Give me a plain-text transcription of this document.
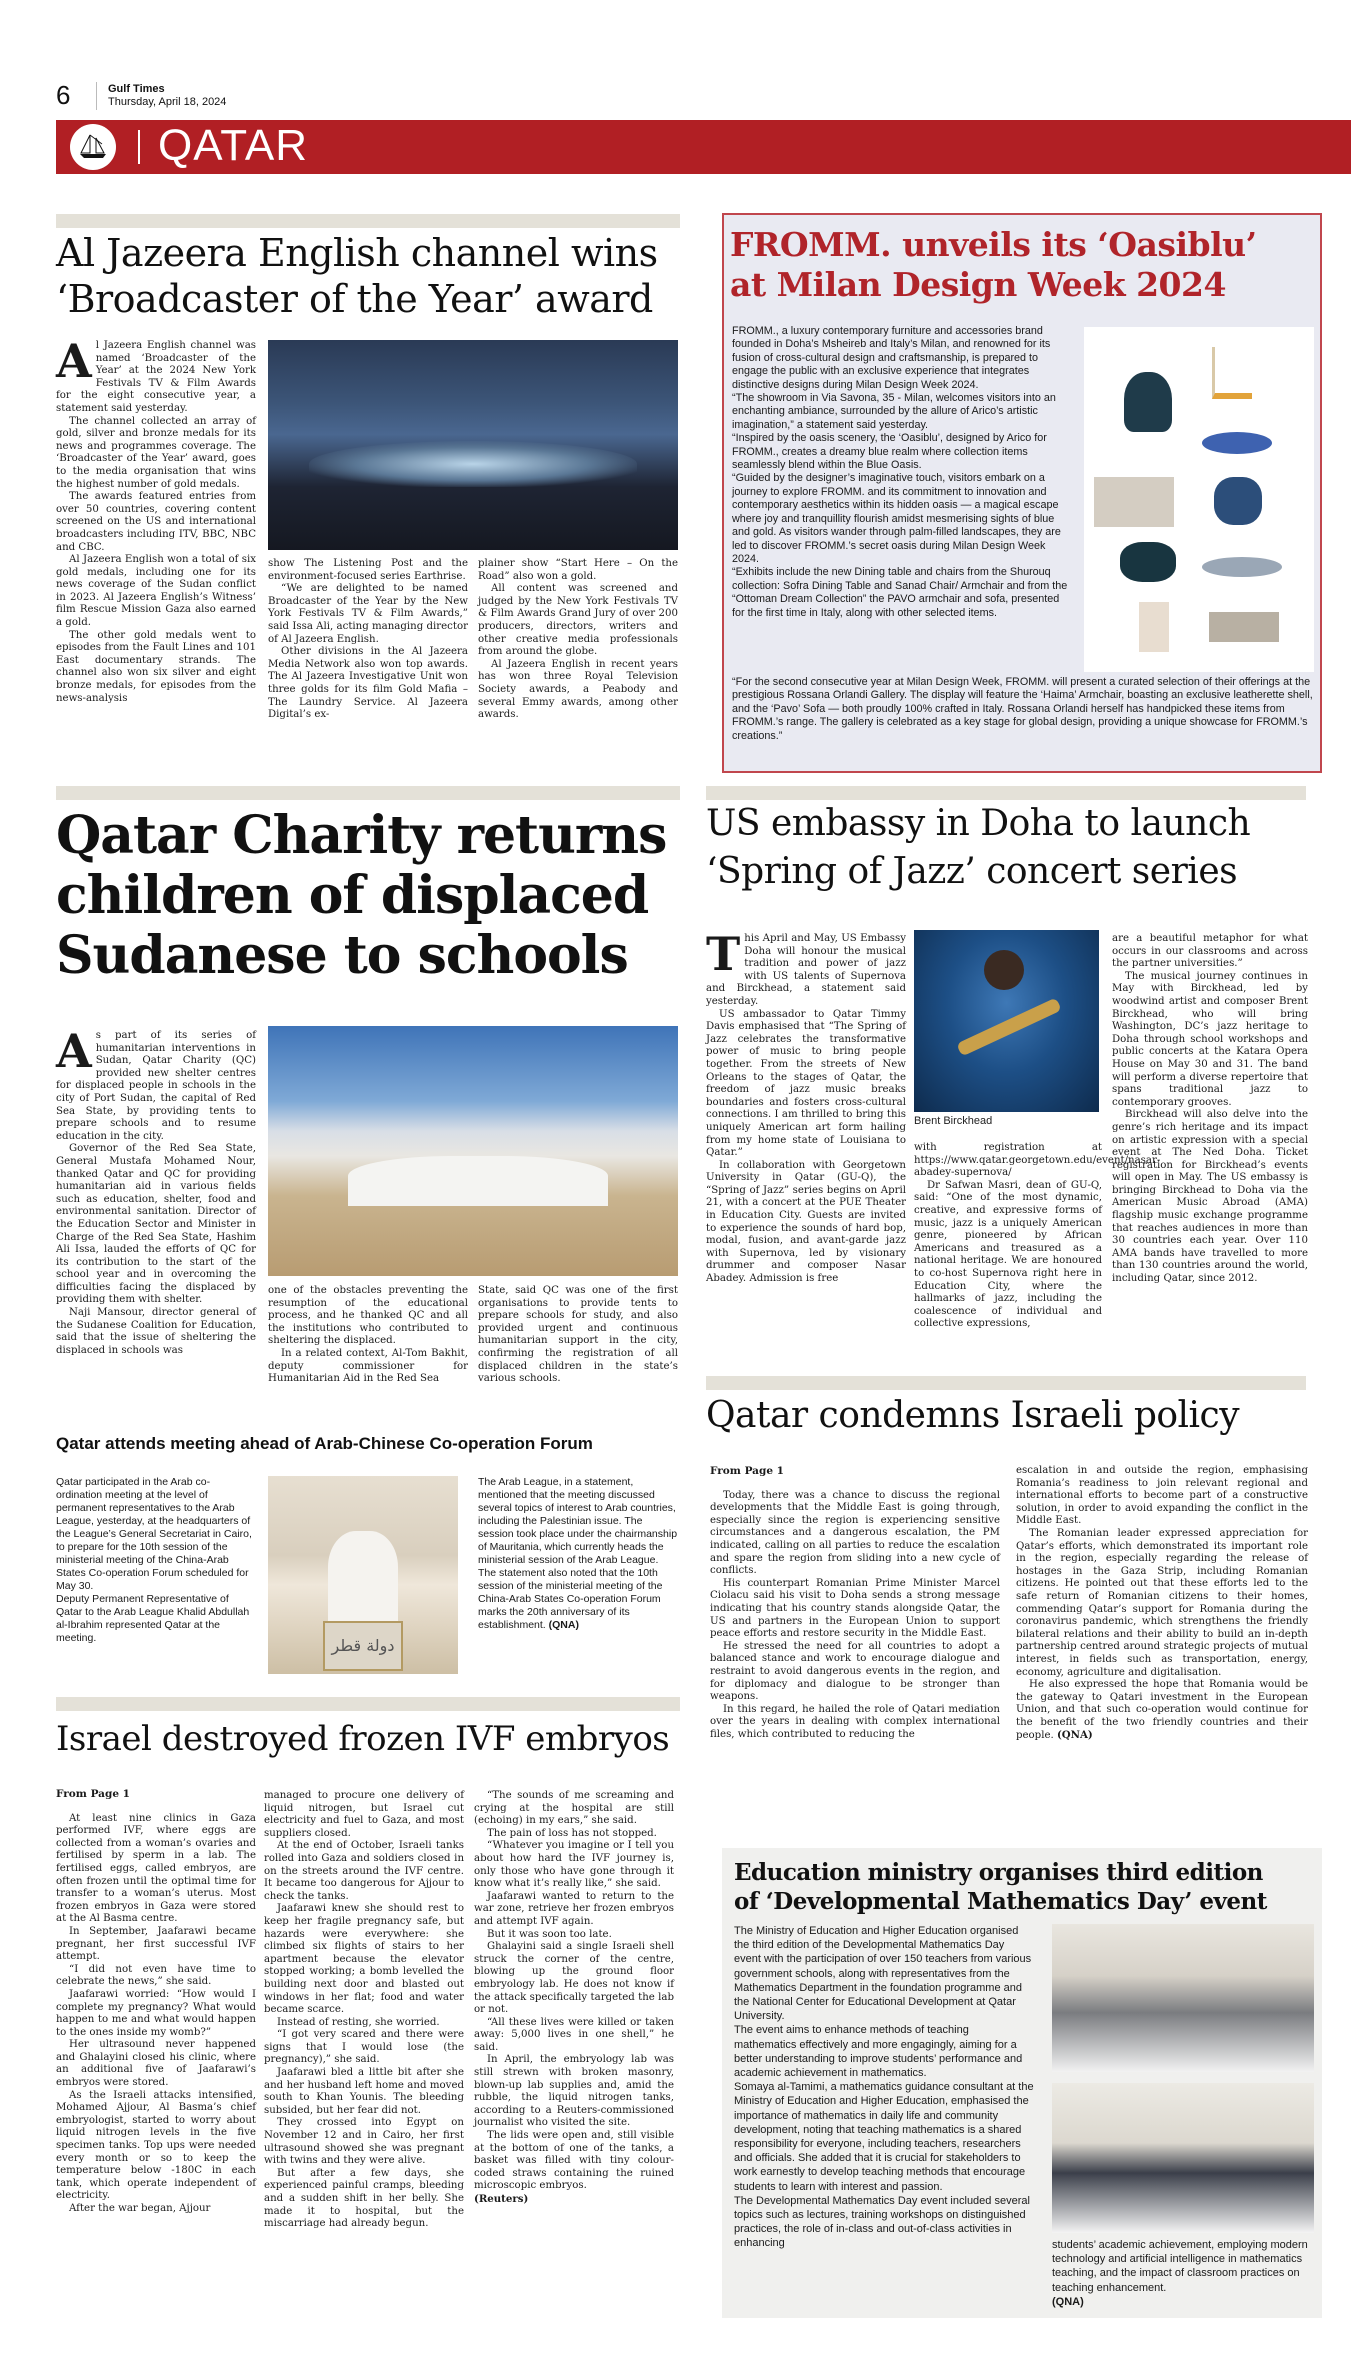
6	Gulf Times
Thursday, April 18, 2024
QATAR
Al Jazeera English channel wins
‘Broadcaster of the Year’ award

Al Jazeera English channel was named ‘Broadcaster of the Year’ at the 2024 New York Festivals TV & Film Awards for the eight consecutive year, a statement said yesterday.

The channel collected an array of gold, silver and bronze medals for its news and programmes coverage. The ‘Broadcaster of the Year’ award, goes to the media organisation that wins the highest number of gold medals.

The awards featured entries from over 50 countries, covering content screened on the US and international broadcasters including ITV, BBC, NBC and CBC.

Al Jazeera English won a total of six gold medals, including one for its news coverage of the Sudan conflict in 2023. Al Jazeera English’s Witness’ film Rescue Mission Gaza also earned a gold.

The other gold medals went to episodes from the Fault Lines and 101 East documentary strands. The channel also won six silver and eight bronze medals, for episodes from the news-analysis

show The Listening Post and the environment-focused series Earthrise.

“We are delighted to be named Broadcaster of the Year by the New York Festivals TV & Film Awards,” said Issa Ali, acting managing director of Al Jazeera English.

Other divisions in the Al Jazeera Media Network also won top awards. The Al Jazeera Investigative Unit won three golds for its film Gold Mafia – The Laundry Service. Al Jazeera Digital’s ex-

plainer show “Start Here – On the Road” also won a gold.

All content was screened and judged by the New York Festivals TV & Film Awards Grand Jury of over 200 producers, directors, writers and other creative media professionals from around the globe.

Al Jazeera English in recent years has won three Royal Television Society awards, a Peabody and several Emmy awards, among other awards.

FROMM. unveils its ‘Oasiblu’
at Milan Design Week 2024

FROMM., a luxury contemporary furniture and accessories brand founded in Doha’s Msheireb and Italy’s Milan, and renowned for its fusion of cross-cultural design and craftsmanship, is prepared to engage the public with an exclusive experience that integrates distinctive designs during Milan Design Week 2024.

“The showroom in Via Savona, 35 - Milan, welcomes visitors into an enchanting ambiance, surrounded by the allure of Arico’s artistic imagination,” a statement said yesterday.

“Inspired by the oasis scenery, the ‘Oasiblu’, designed by Arico for FROMM., creates a dreamy blue realm where collection items seamlessly blend within the Blue Oasis.

“Guided by the designer’s imaginative touch, visitors embark on a journey to explore FROMM. and its commitment to innovation and contemporary aesthetics within its hidden oasis — a magical escape where joy and tranquillity flourish amidst mesmerising sights of blue and gold. As visitors wander through palm-filled landscapes, they are led to discover FROMM.’s secret oasis during Milan Design Week 2024.

“Exhibits include the new Dining table and chairs from the Shurouq collection: Sofra Dining Table and Sanad Chair/ Armchair and from the “Ottoman Dream Collection” the PAVO armchair and sofa, presented for the first time in Italy, along with other selected items.

“For the second consecutive year at Milan Design Week, FROMM. will present a curated selection of their offerings at the prestigious Rossana Orlandi Gallery. The display will feature the ‘Haima’ Armchair, boasting an exclusive leatherette shell, and the ‘Pavo’ Sofa — both proudly 100% crafted in Italy. Rossana Orlandi herself has handpicked these items from FROMM.’s range. The gallery is celebrated as a key stage for global design, providing a unique showcase for FROMM.’s creations.”
Qatar Charity returns
children of displaced
Sudanese to schools

As part of its series of humanitarian interventions in Sudan, Qatar Charity (QC) provided new shelter centres for displaced people in schools in the city of Port Sudan, the capital of Red Sea State, by providing tents to prepare schools and to resume education in the city.

Governor of the Red Sea State, General Mustafa Mohamed Nour, thanked Qatar and QC for providing humanitarian aid in various fields such as education, shelter, food and environmental sanitation. Director of the Education Sector and Minister in Charge of the Red Sea State, Hashim Ali Issa, lauded the efforts of QC for its contribution to the start of the school year and in overcoming the difficulties facing the displaced by providing them with shelter.

Naji Mansour, director general of the Sudanese Coalition for Education, said that the issue of sheltering the displaced in schools was

one of the obstacles preventing the resumption of the educational process, and he thanked QC and all the institutions who contributed to sheltering the displaced.

In a related context, Al-Tom Bakhit, deputy commissioner for Humanitarian Aid in the Red Sea

State, said QC was one of the first organisations to provide tents to prepare schools for study, and also provided urgent and continuous humanitarian support in the city, confirming the registration of all displaced children in the state’s various schools.

Qatar attends meeting ahead of Arab-Chinese Co-operation Forum

Qatar participated in the Arab co-ordination meeting at the level of permanent representatives to the Arab League, yesterday, at the headquarters of the League’s General Secretariat in Cairo, to prepare for the 10th session of the ministerial meeting of the China-Arab States Co-operation Forum scheduled for May 30.

Deputy Permanent Representative of Qatar to the Arab League Khalid Abdullah al-Ibrahim represented Qatar at the meeting.	دولة قطر
The Arab League, in a statement, mentioned that the meeting discussed several topics of interest to Arab countries, including the Palestinian issue. The session took place under the chairmanship of Mauritania, which currently heads the ministerial session of the Arab League. The statement also noted that the 10th session of the ministerial meeting of the China-Arab States Co-operation Forum marks the 20th anniversary of its establishment. (QNA)
Israel destroyed frozen IVF embryos
From Page 1

At least nine clinics in Gaza performed IVF, where eggs are collected from a woman’s ovaries and fertilised by sperm in a lab. The fertilised eggs, called embryos, are often frozen until the optimal time for transfer to a woman’s uterus. Most frozen embryos in Gaza were stored at the Al Basma centre.

In September, Jaafarawi became pregnant, her first successful IVF attempt.

“I did not even have time to celebrate the news,” she said.

Jaafarawi worried: “How would I complete my pregnancy? What would happen to me and what would happen to the ones inside my womb?”

Her ultrasound never happened and Ghalayini closed his clinic, where an additional five of Jaafarawi’s embryos were stored.

As the Israeli attacks intensified, Mohamed Ajjour, Al Basma’s chief embryologist, started to worry about liquid nitrogen levels in the five specimen tanks. Top ups were needed every month or so to keep the temperature below -180C in each tank, which operate independent of electricity.

After the war began, Ajjour

managed to procure one delivery of liquid nitrogen, but Israel cut electricity and fuel to Gaza, and most suppliers closed.

At the end of October, Israeli tanks rolled into Gaza and soldiers closed in on the streets around the IVF centre. It became too dangerous for Ajjour to check the tanks.

Jaafarawi knew she should rest to keep her fragile pregnancy safe, but hazards were everywhere: she climbed six flights of stairs to her apartment because the elevator stopped working; a bomb levelled the building next door and blasted out windows in her flat; food and water became scarce.

Instead of resting, she worried.

“I got very scared and there were signs that I would lose (the pregnancy),” she said.

Jaafarawi bled a little bit after she and her husband left home and moved south to Khan Younis. The bleeding subsided, but her fear did not.

They crossed into Egypt on November 12 and in Cairo, her first ultrasound showed she was pregnant with twins and they were alive.

But after a few days, she experienced painful cramps, bleeding and a sudden shift in her belly. She made it to hospital, but the miscarriage had already begun.

“The sounds of me screaming and crying at the hospital are still (echoing) in my ears,” she said.

The pain of loss has not stopped.

“Whatever you imagine or I tell you about how hard the IVF journey is, only those who have gone through it know what it’s really like,” she said.

Jaafarawi wanted to return to the war zone, retrieve her frozen embryos and attempt IVF again.

But it was soon too late.

Ghalayini said a single Israeli shell struck the corner of the centre, blowing up the ground floor embryology lab. He does not know if the attack specifically targeted the lab or not.

“All these lives were killed or taken away: 5,000 lives in one shell,” he said.

In April, the embryology lab was still strewn with broken masonry, blown-up lab supplies and, amid the rubble, the liquid nitrogen tanks, according to a Reuters-commissioned journalist who visited the site.

The lids were open and, still visible at the bottom of one of the tanks, a basket was filled with tiny colour-coded straws containing the ruined microscopic embryos.

(Reuters)
US embassy in Doha to launch
‘Spring of Jazz’ concert series

This April and May, US Embassy Doha will honour the musical tradition and power of jazz with US talents of Supernova and Birckhead, a statement said yesterday.

US ambassador to Qatar Timmy Davis emphasised that “The Spring of Jazz celebrates the transformative power of music to bring people together. From the streets of New Orleans to the stages of Qatar, the freedom of jazz music breaks boundaries and fosters cross-cultural connections. I am thrilled to bring this uniquely American art form hailing from my home state of Louisiana to Qatar.”

In collaboration with Georgetown University in Qatar (GU-Q), the “Spring of Jazz” series begins on April 21, with a concert at the PUE Theater in Education City. Guests are invited to experience the sounds of hard bop, modal, fusion, and avant-garde jazz with Supernova, led by visionary drummer and composer Nasar Abadey. Admission is free

Brent Birckhead

with registration at https://www.qatar.georgetown.edu/event/nasar-abadey-supernova/

Dr Safwan Masri, dean of GU-Q, said: “One of the most dynamic, creative, and expressive forms of music, jazz is a uniquely American genre, pioneered by African Americans and treasured as a national heritage. We are honoured to co-host Supernova right here in Education City, where the hallmarks of jazz, including the coalescence of individual and collective expressions,

are a beautiful metaphor for what occurs in our classrooms and across the partner universities.”

The musical journey continues in May with Birckhead, led by woodwind artist and composer Brent Birckhead, who will bring Washington, DC’s jazz heritage to Doha through school workshops and public concerts at the Katara Opera House on May 30 and 31. The band will perform a diverse repertoire that spans traditional jazz to contemporary grooves.

Birckhead will also delve into the genre’s rich heritage and its impact on artistic expression with a special event at The Ned Doha. Ticket registration for Birckhead’s events will open in May. The US embassy is bringing Birckhead to Doha via the American Music Abroad (AMA) flagship music exchange programme that reaches audiences in more than 30 countries each year. Over 110 AMA bands have travelled to more than 130 countries around the world, including Qatar, since 2012.

Qatar condemns Israeli policy
From Page 1

Today, there was a chance to discuss the regional developments that the Middle East is going through, especially since the region is experiencing sensitive circumstances and a dangerous escalation, the PM indicated, calling on all parties to reduce the escalation and spare the region from sliding into a new cycle of conflicts.

His counterpart Romanian Prime Minister Marcel Ciolacu said his visit to Doha sends a strong message indicating that his country stands alongside Qatar, the US and partners in the European Union to support peace efforts and restore security in the Middle East.

He stressed the need for all countries to adopt a balanced stance and work to encourage dialogue and restraint to avoid dangerous events in the region, and for diplomacy and dialogue to be stronger than weapons.

In this regard, he hailed the role of Qatari mediation over the years in dealing with complex international files, which contributed to reducing the

escalation in and outside the region, emphasising Romania’s readiness to join relevant regional and international efforts to become part of a constructive solution, in order to avoid expanding the conflict in the Middle East.

The Romanian leader expressed appreciation for Qatar’s efforts, which demonstrated its important role in the region, especially regarding the release of hostages in the Gaza Strip, including Romanian citizens. He pointed out that these efforts led to the safe return of Romanian citizens to their homes, commending Qatar’s support for Romania during the coronavirus pandemic, which strengthens the friendly bilateral relations and their ability to build an in-depth partnership centred around strategic projects of mutual interest, in fields such as transportation, energy, economy, agriculture and digitalisation.

He also expressed the hope that Romania would be the gateway to Qatari investment in the European Union, and that such co-operation would continue for the benefit of the two friendly countries and their people. (QNA)

Education ministry organises third edition
of ‘Developmental Mathematics Day’ event

The Ministry of Education and Higher Education organised the third edition of the Developmental Mathematics Day event with the participation of over 150 teachers from various government schools, along with representatives from the Mathematics Department in the foundation programme and the National Center for Educational Development at Qatar University.

The event aims to enhance methods of teaching mathematics effectively and more engagingly, aiming for a better understanding to improve students’ performance and academic achievement in mathematics.

Somaya al-Tamimi, a mathematics guidance consultant at the Ministry of Education and Higher Education, emphasised the importance of mathematics in daily life and community development, noting that teaching mathematics is a shared responsibility for everyone, including teachers, researchers and officials. She added that it is crucial for stakeholders to work earnestly to develop teaching methods that encourage students to learn with interest and passion.

The Developmental Mathematics Day event included several topics such as lectures, training workshops on distinguished practices, the role of in-class and out-of-class activities in enhancing	students’ academic achievement, employing modern technology and artificial intelligence in mathematics teaching, and the impact of classroom practices on teaching enhancement.
(QNA)
